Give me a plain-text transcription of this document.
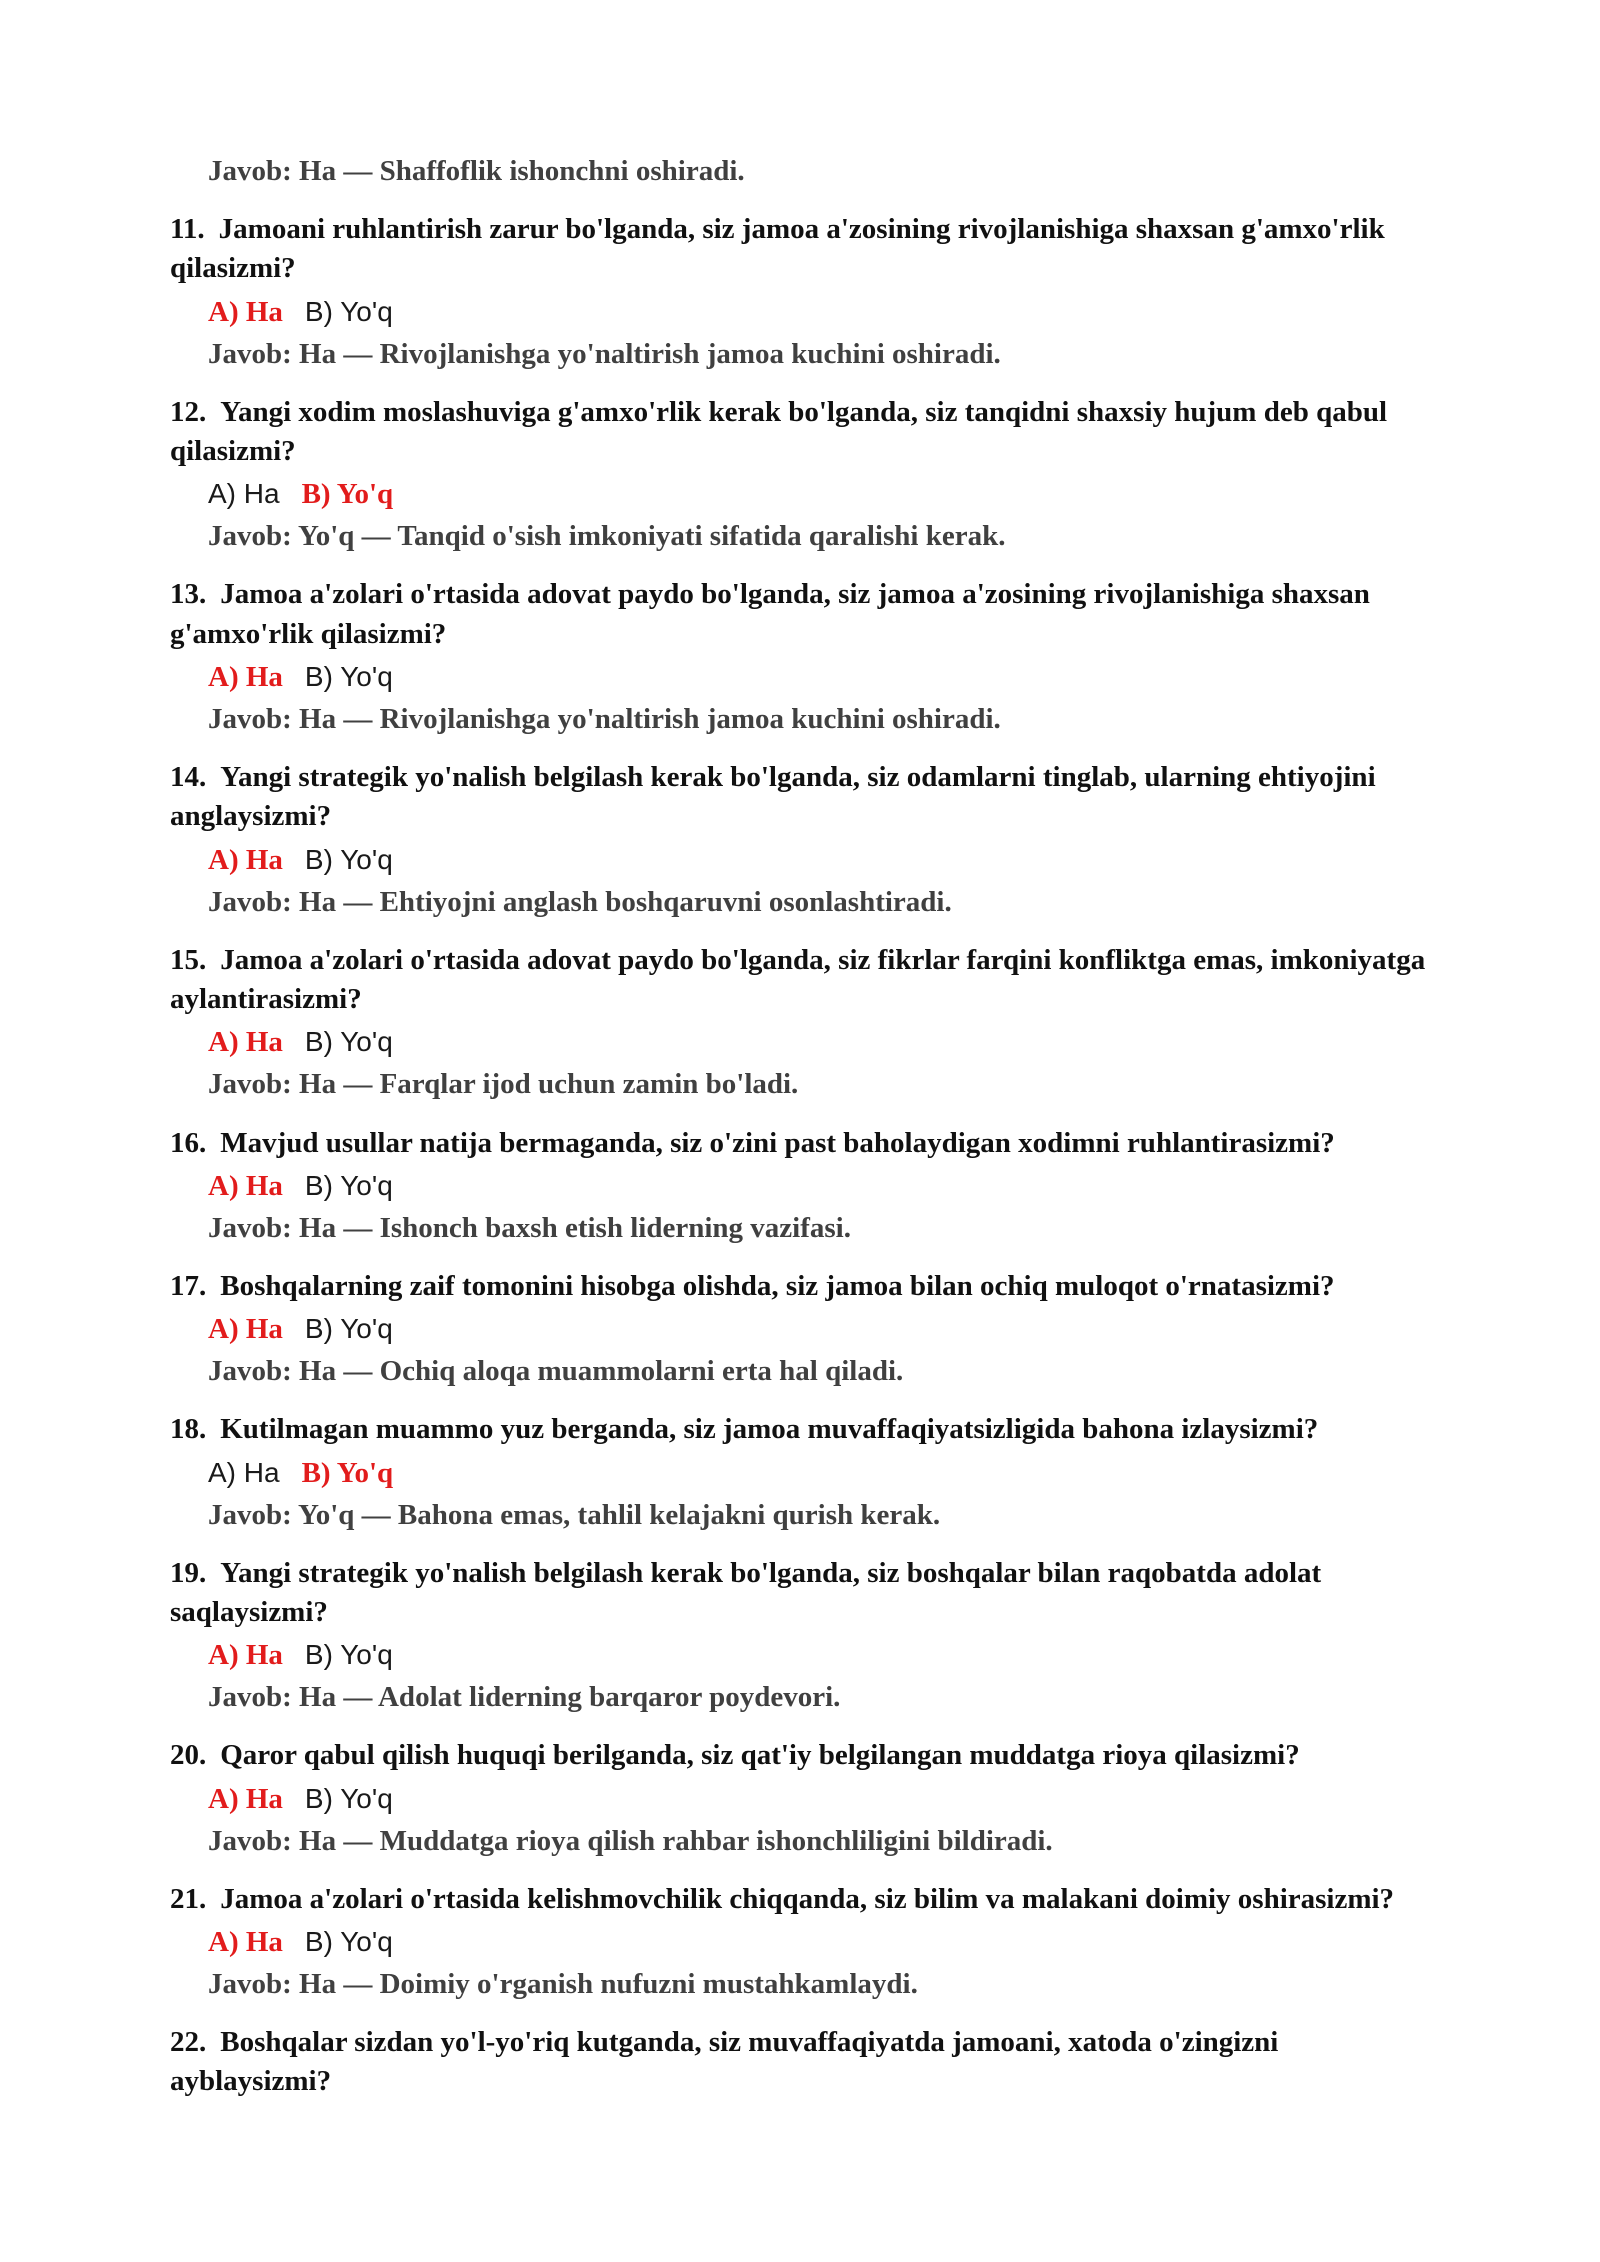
Javob: Ha — Shaffoflik ishonchni oshiradi.

11. Jamoani ruhlantirish zarur bo'lganda, siz jamoa a'zosining rivojlanishiga shaxsan g'amxo'rlik qilasizmi?

A) Ha B) Yo'q

Javob: Ha — Rivojlanishga yo'naltirish jamoa kuchini oshiradi.

12. Yangi xodim moslashuviga g'amxo'rlik kerak bo'lganda, siz tanqidni shaxsiy hujum deb qabul qilasizmi?

A) Ha B) Yo'q

Javob: Yo'q — Tanqid o'sish imkoniyati sifatida qaralishi kerak.

13. Jamoa a'zolari o'rtasida adovat paydo bo'lganda, siz jamoa a'zosining rivojlanishiga shaxsan g'amxo'rlik qilasizmi?

A) Ha B) Yo'q

Javob: Ha — Rivojlanishga yo'naltirish jamoa kuchini oshiradi.

14. Yangi strategik yo'nalish belgilash kerak bo'lganda, siz odamlarni tinglab, ularning ehtiyojini anglaysizmi?

A) Ha B) Yo'q

Javob: Ha — Ehtiyojni anglash boshqaruvni osonlashtiradi.

15. Jamoa a'zolari o'rtasida adovat paydo bo'lganda, siz fikrlar farqini konfliktga emas, imkoniyatga aylantirasizmi?

A) Ha B) Yo'q

Javob: Ha — Farqlar ijod uchun zamin bo'ladi.

16. Mavjud usullar natija bermaganda, siz o'zini past baholaydigan xodimni ruhlantirasizmi?

A) Ha B) Yo'q

Javob: Ha — Ishonch baxsh etish liderning vazifasi.

17. Boshqalarning zaif tomonini hisobga olishda, siz jamoa bilan ochiq muloqot o'rnatasizmi?

A) Ha B) Yo'q

Javob: Ha — Ochiq aloqa muammolarni erta hal qiladi.

18. Kutilmagan muammo yuz berganda, siz jamoa muvaffaqiyatsizligida bahona izlaysizmi?

A) Ha B) Yo'q

Javob: Yo'q — Bahona emas, tahlil kelajakni qurish kerak.

19. Yangi strategik yo'nalish belgilash kerak bo'lganda, siz boshqalar bilan raqobatda adolat saqlaysizmi?

A) Ha B) Yo'q

Javob: Ha — Adolat liderning barqaror poydevori.

20. Qaror qabul qilish huquqi berilganda, siz qat'iy belgilangan muddatga rioya qilasizmi?

A) Ha B) Yo'q

Javob: Ha — Muddatga rioya qilish rahbar ishonchliligini bildiradi.

21. Jamoa a'zolari o'rtasida kelishmovchilik chiqqanda, siz bilim va malakani doimiy oshirasizmi?

A) Ha B) Yo'q

Javob: Ha — Doimiy o'rganish nufuzni mustahkamlaydi.

22. Boshqalar sizdan yo'l-yo'riq kutganda, siz muvaffaqiyatda jamoani, xatoda o'zingizni ayblaysizmi?
